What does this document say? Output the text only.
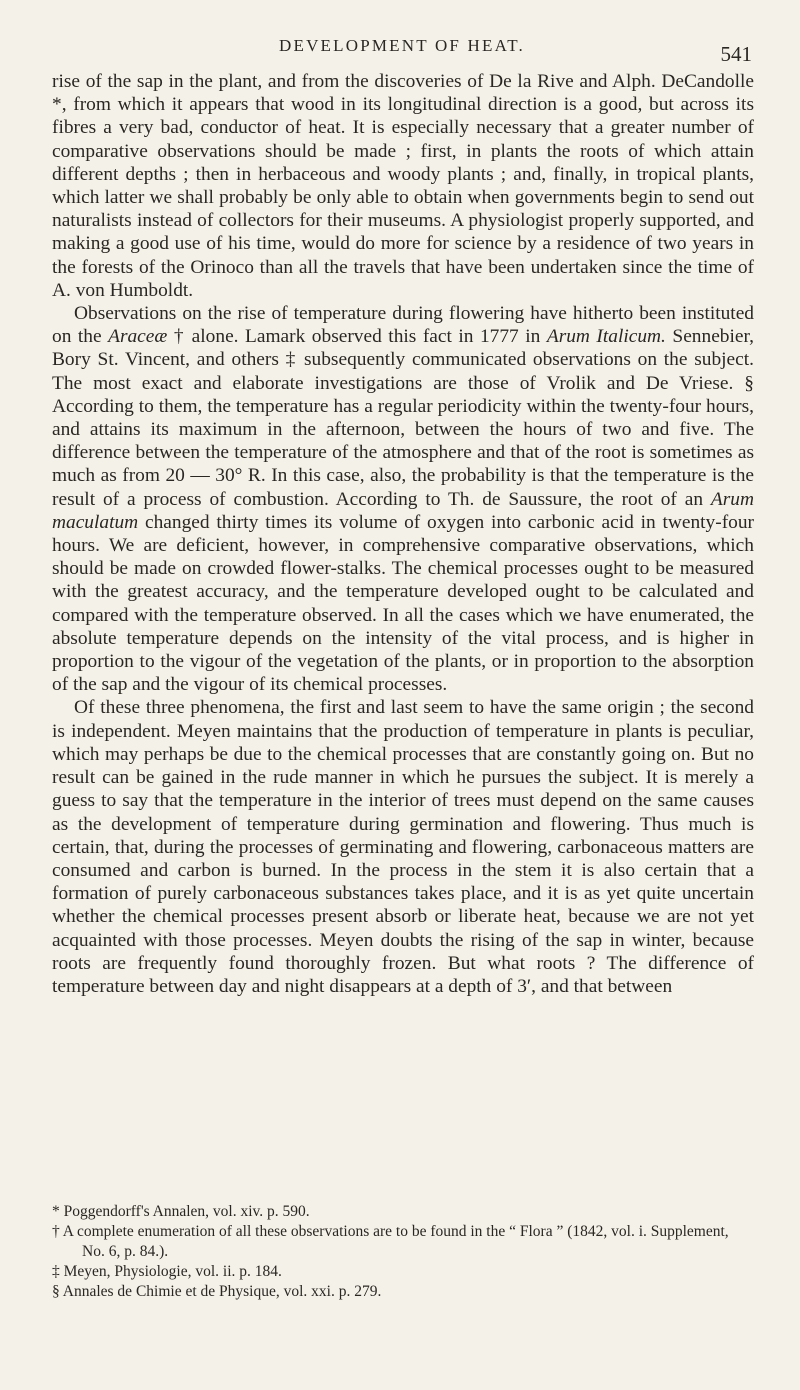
DEVELOPMENT OF HEAT.	541

rise of the sap in the plant, and from the discoveries of De la Rive and Alph. DeCandolle *, from which it appears that wood in its longitudinal direction is a good, but across its fibres a very bad, conductor of heat. It is especially necessary that a greater number of comparative observations should be made ; first, in plants the roots of which attain different depths ; then in herbaceous and woody plants ; and, finally, in tropical plants, which latter we shall probably be only able to obtain when governments begin to send out naturalists instead of collectors for their museums. A physiologist properly supported, and making a good use of his time, would do more for science by a residence of two years in the forests of the Orinoco than all the travels that have been undertaken since the time of A. von Humboldt.

Observations on the rise of temperature during flowering have hitherto been instituted on the Araceæ † alone. Lamark observed this fact in 1777 in Arum Italicum. Sennebier, Bory St. Vincent, and others ‡ subsequently communicated observations on the subject. The most exact and elaborate investigations are those of Vrolik and De Vriese. § According to them, the temperature has a regular periodicity within the twenty-four hours, and attains its maximum in the afternoon, between the hours of two and five. The difference between the temperature of the atmosphere and that of the root is sometimes as much as from 20 — 30° R. In this case, also, the probability is that the temperature is the result of a process of combustion. According to Th. de Saussure, the root of an Arum maculatum changed thirty times its volume of oxygen into carbonic acid in twenty-four hours. We are deficient, however, in comprehensive comparative observations, which should be made on crowded flower-stalks. The chemical processes ought to be measured with the greatest accuracy, and the temperature developed ought to be calculated and compared with the temperature observed. In all the cases which we have enumerated, the absolute temperature depends on the intensity of the vital process, and is higher in proportion to the vigour of the vegetation of the plants, or in proportion to the absorption of the sap and the vigour of its chemical processes.

Of these three phenomena, the first and last seem to have the same origin ; the second is independent. Meyen maintains that the production of temperature in plants is peculiar, which may perhaps be due to the chemical processes that are constantly going on. But no result can be gained in the rude manner in which he pursues the subject. It is merely a guess to say that the temperature in the interior of trees must depend on the same causes as the development of temperature during germination and flowering. Thus much is certain, that, during the processes of germinating and flowering, carbonaceous matters are consumed and carbon is burned. In the process in the stem it is also certain that a formation of purely carbonaceous substances takes place, and it is as yet quite uncertain whether the chemical processes present absorb or liberate heat, because we are not yet acquainted with those processes. Meyen doubts the rising of the sap in winter, because roots are frequently found thoroughly frozen. But what roots ? The difference of temperature between day and night disappears at a depth of 3′, and that between

* Poggendorff's Annalen, vol. xiv. p. 590.

† A complete enumeration of all these observations are to be found in the “ Flora ” (1842, vol. i. Supplement, No. 6, p. 84.).

‡ Meyen, Physiologie, vol. ii. p. 184.

§ Annales de Chimie et de Physique, vol. xxi. p. 279.
